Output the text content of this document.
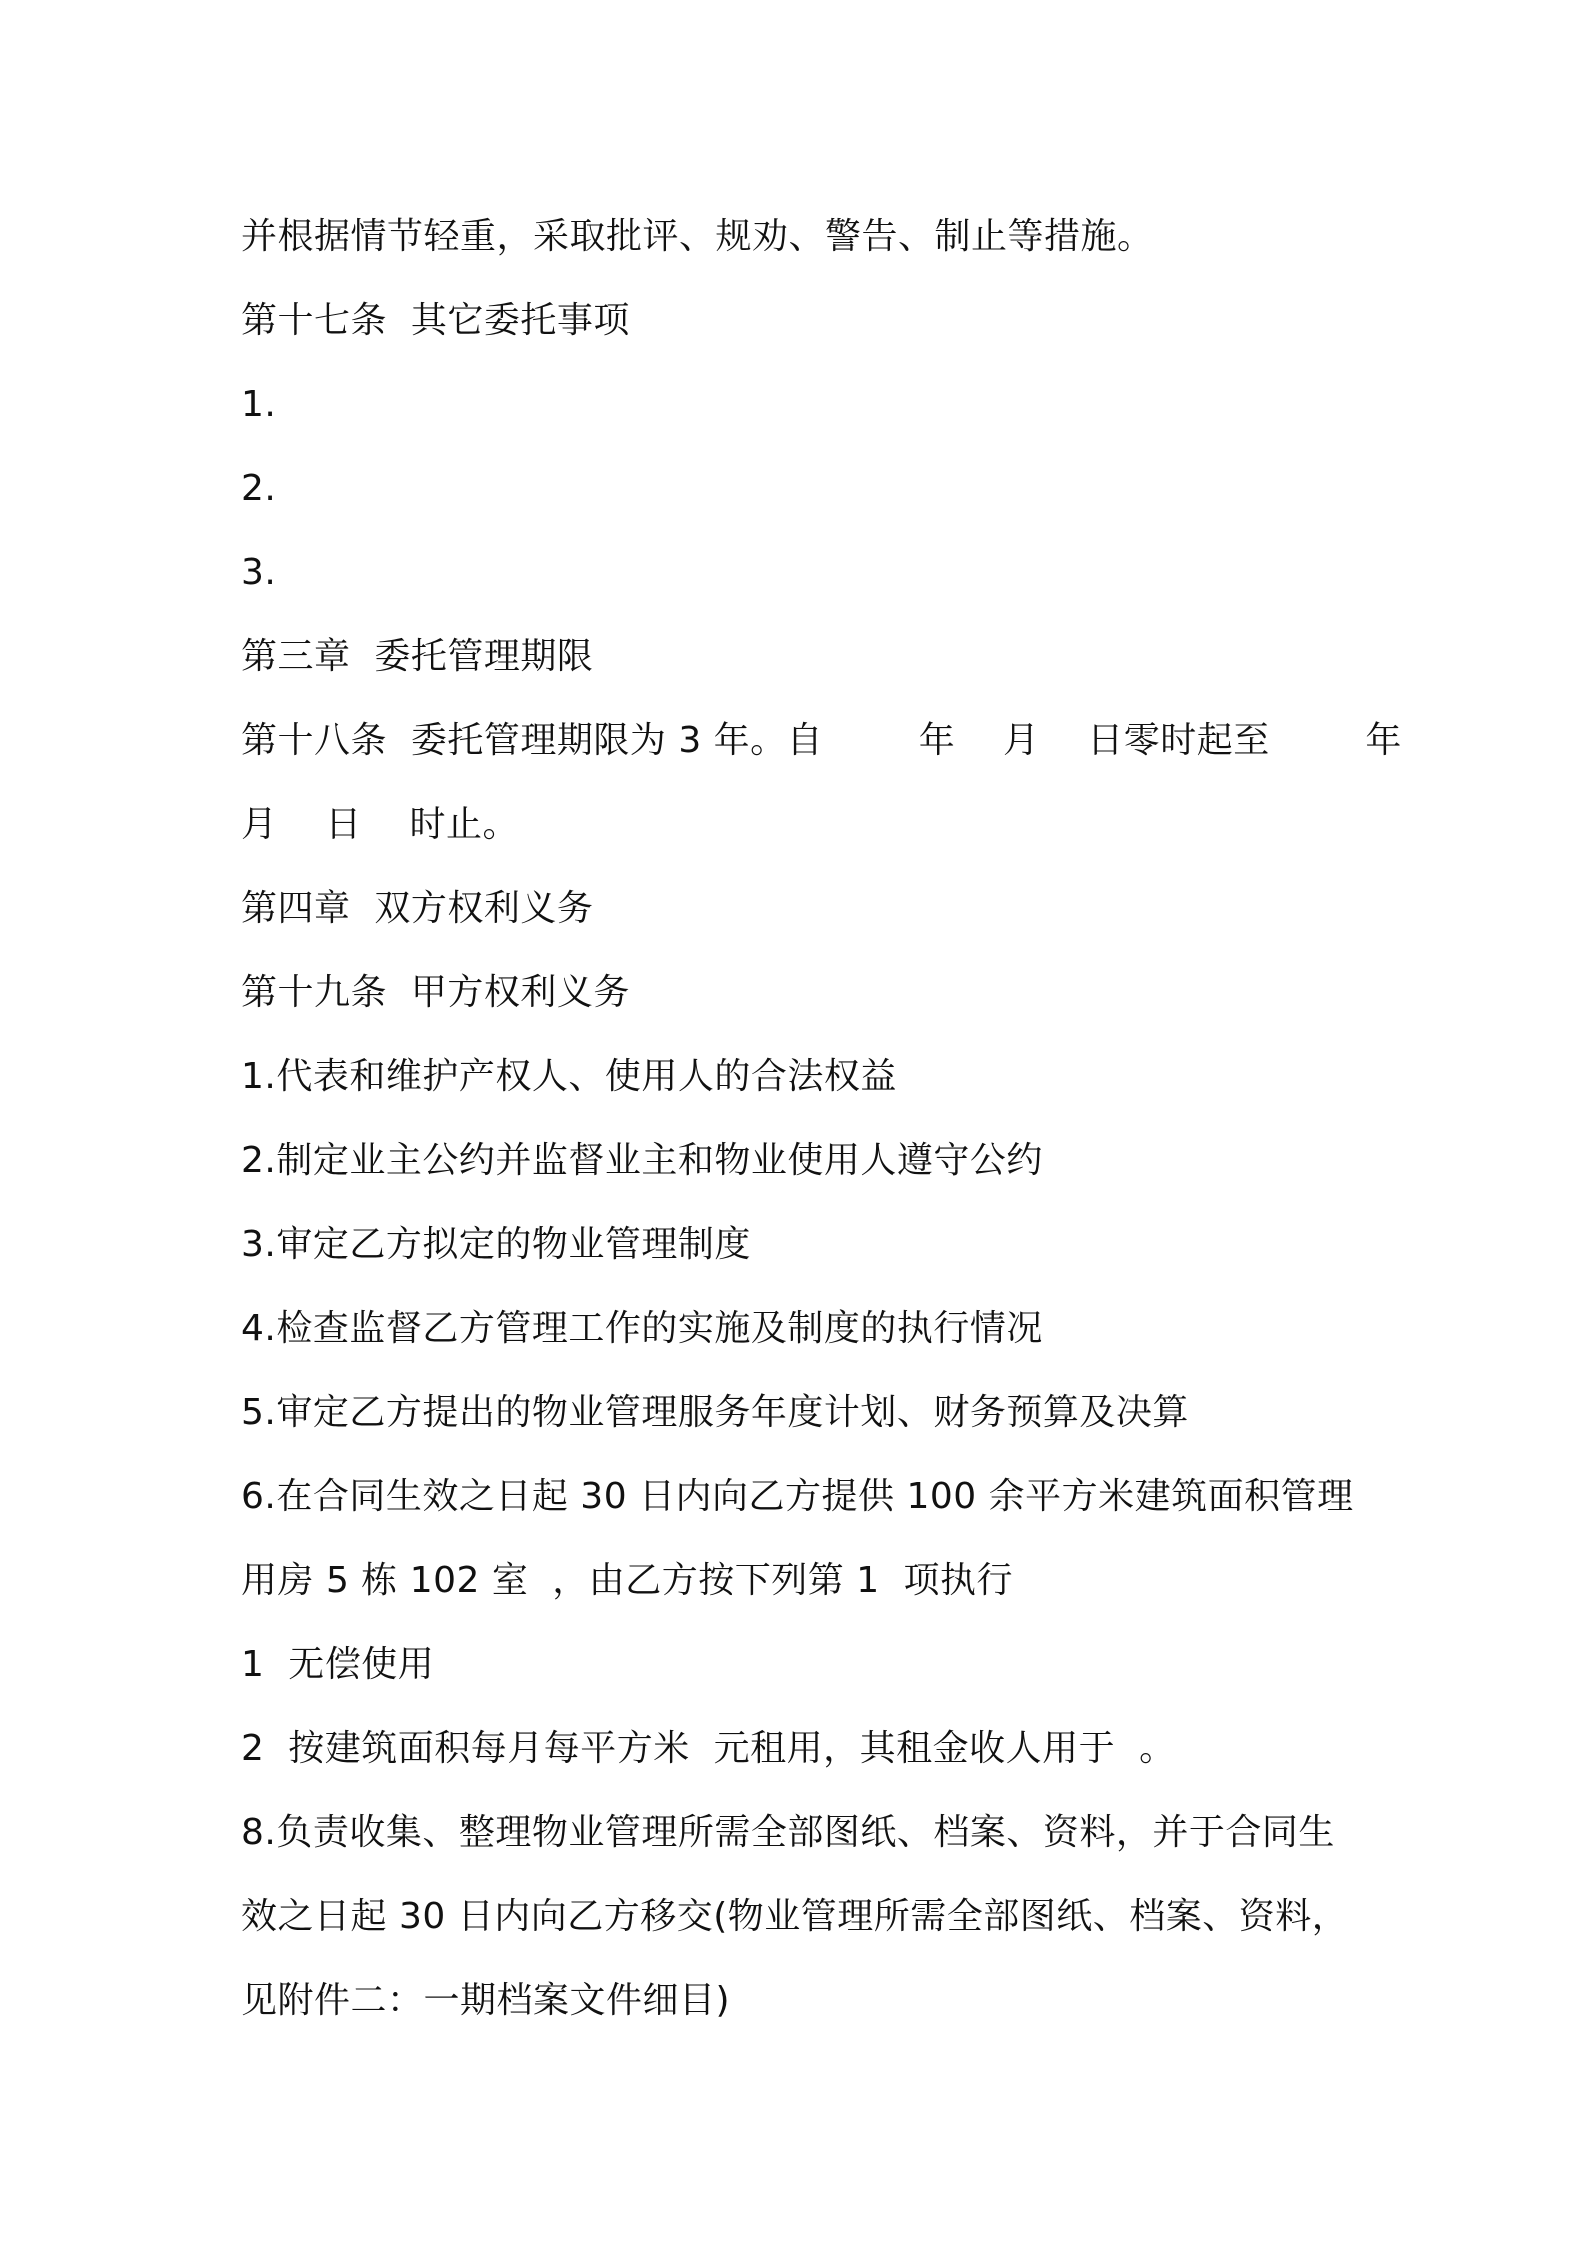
并根据情节轻重，采取批评、规劝、警告、制止等措施。
第十七条  其它委托事项
1.
2.
3.
第三章  委托管理期限
第十八条  委托管理期限为 3 年。自        年    月    日零时起至        年
月    日    时止。
第四章  双方权利义务
第十九条  甲方权利义务
1.代表和维护产权人、使用人的合法权益
2.制定业主公约并监督业主和物业使用人遵守公约
3.审定乙方拟定的物业管理制度
4.检查监督乙方管理工作的实施及制度的执行情况
5.审定乙方提出的物业管理服务年度计划、财务预算及决算
6.在合同生效之日起 30 日内向乙方提供 100 余平方米建筑面积管理
用房 5 栋 102 室  ，由乙方按下列第 1  项执行
1  无偿使用
2  按建筑面积每月每平方米  元租用，其租金收人用于  。
8.负责收集、整理物业管理所需全部图纸、档案、资料，并于合同生
效之日起 30 日内向乙方移交(物业管理所需全部图纸、档案、资料，
见附件二：一期档案文件细目)
